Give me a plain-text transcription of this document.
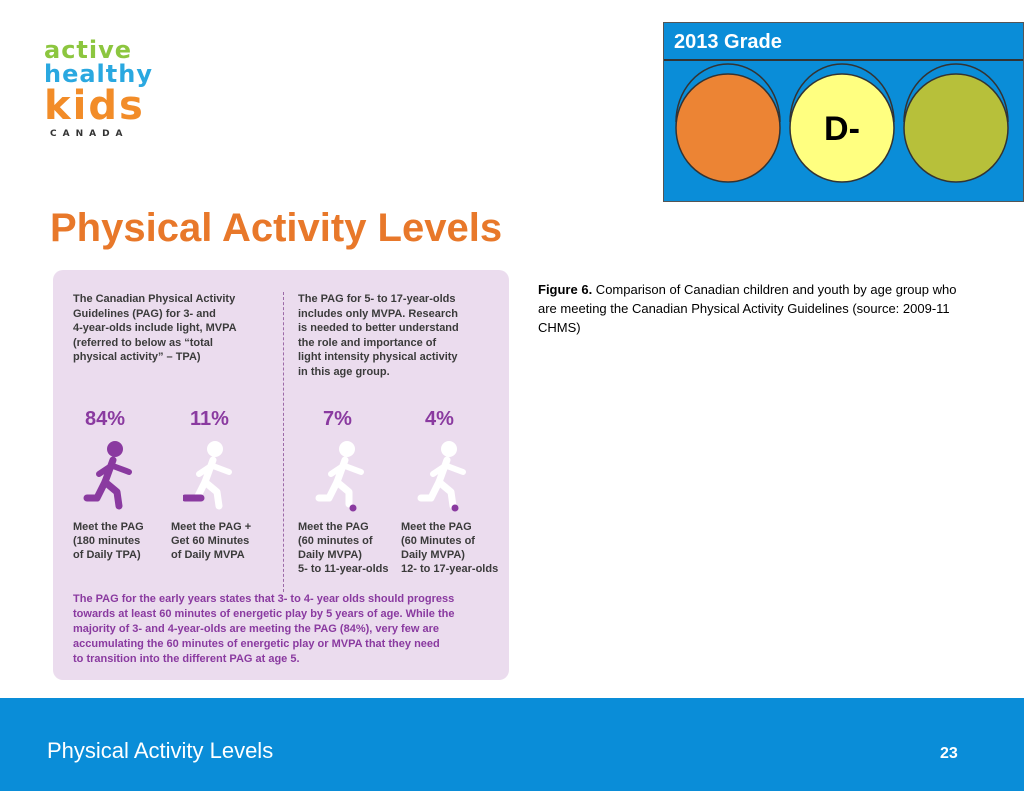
active
healthy
kids
CANADA
2013 Grade
D-
Physical Activity Levels

The Canadian Physical Activity
Guidelines (PAG) for 3- and
4-year-olds include light, MVPA
(referred to below as “total
physical activity” – TPA)

The PAG for 5- to 17-year-olds
includes only MVPA. Research
is needed to better understand
the role and importance of
light intensity physical activity
in this age group.

84%	11%	7%	4%

Meet the PAG
(180 minutes
of Daily TPA)

Meet the PAG +
Get 60 Minutes
of Daily MVPA

Meet the PAG
(60 minutes of
Daily MVPA)
5- to 11-year-olds

Meet the PAG
(60 Minutes of
Daily MVPA)
12- to 17-year-olds

The PAG for the early years states that 3- to 4- year olds should progress
towards at least 60 minutes of energetic play by 5 years of age. While the
majority of 3- and 4-year-olds are meeting the PAG (84%), very few are
accumulating the 60 minutes of energetic play or MVPA that they need
to transition into the different PAG at age 5.

Figure 6. Comparison of Canadian children and youth by age group who are meeting the Canadian Physical Activity Guidelines (source: 2009-11 CHMS)

Physical Activity Levels	23
